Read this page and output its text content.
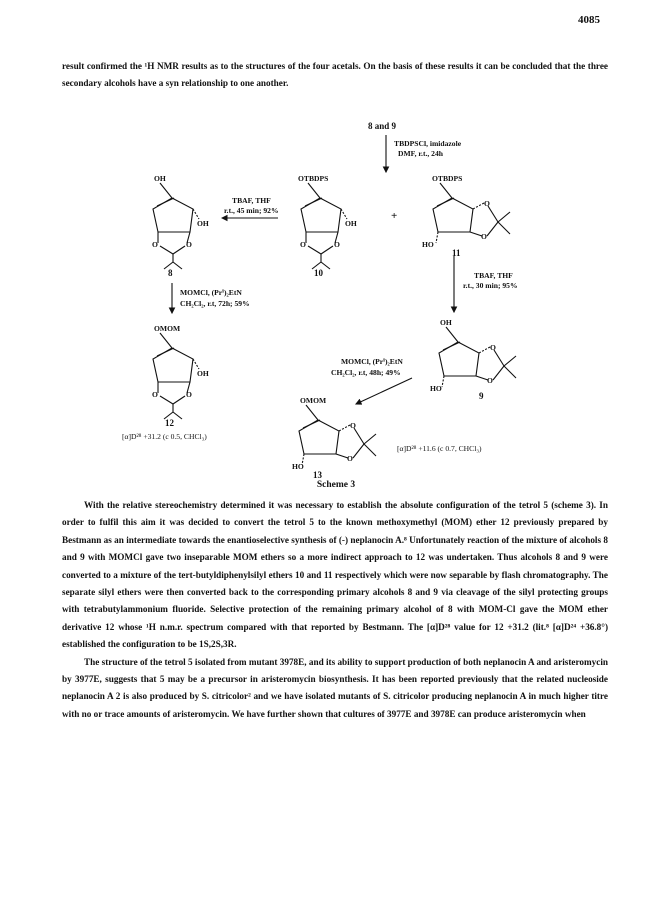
4085
result confirmed the ¹H NMR results as to the structures of the four acetals. On the basis of these results it can be concluded that the three secondary alcohols have a syn relationship to one another.
OH
OH
O	O
OTBDPS
OH
O	O
OTBDPS
O
O
HO
OMOM
OH
O	O
OH
O
O
HO
OMOM
O
O
HO
8 and 9
8	10
11
9
12
13
+
TBDPSCl, imidazole
DMF, r.t., 24h
TBAF, THF
r.t., 45 min; 92%
TBAF, THF
r.t., 30 min; 95%
MOMCl, (Prⁱ)₂EtN
CH₂Cl₂, r.t, 72h; 59%
MOMCl, (Prⁱ)₂EtN
CH₂Cl₂, r.t, 48h; 49%
[α]D²⁸ +31.2 (c 0.5, CHCl₃)
[α]D²⁸ +11.6 (c 0.7, CHCl₃)
Scheme 3

With the relative stereochemistry determined it was necessary to establish the absolute configuration of the tetrol 5 (scheme 3). In order to fulfil this aim it was decided to convert the tetrol 5 to the known methoxymethyl (MOM) ether 12 previously prepared by Bestmann as an intermediate towards the enantioselective synthesis of (-) neplanocin A.⁸ Unfortunately reaction of the mixture of alcohols 8 and 9 with MOMCl gave two inseparable MOM ethers so a more indirect approach to 12 was undertaken. Thus alcohols 8 and 9 were converted to a mixture of the tert-butyldiphenylsilyl ethers 10 and 11 respectively which were now separable by flash chromatography. The separate silyl ethers were then converted back to the corresponding primary alcohols 8 and 9 via cleavage of the silyl protecting groups with tetrabutylammonium fluoride. Selective protection of the remaining primary alcohol of 8 with MOM-Cl gave the MOM ether derivative 12 whose ¹H n.m.r. spectrum compared with that reported by Bestmann. The [α]D²⁸ value for 12 +31.2 (lit.⁸ [α]D²⁴ +36.8°) established the configuration to be 1S,2S,3R.

The structure of the tetrol 5 isolated from mutant 3978E, and its ability to support production of both neplanocin A and aristeromycin by 3977E, suggests that 5 may be a precursor in aristeromycin biosynthesis. It has been reported previously that the related nucleoside neplanocin A 2 is also produced by S. citricolor² and we have isolated mutants of S. citricolor producing neplanocin A in much higher titre with no or trace amounts of aristeromycin. We have further shown that cultures of 3977E and 3978E can produce aristeromycin when
